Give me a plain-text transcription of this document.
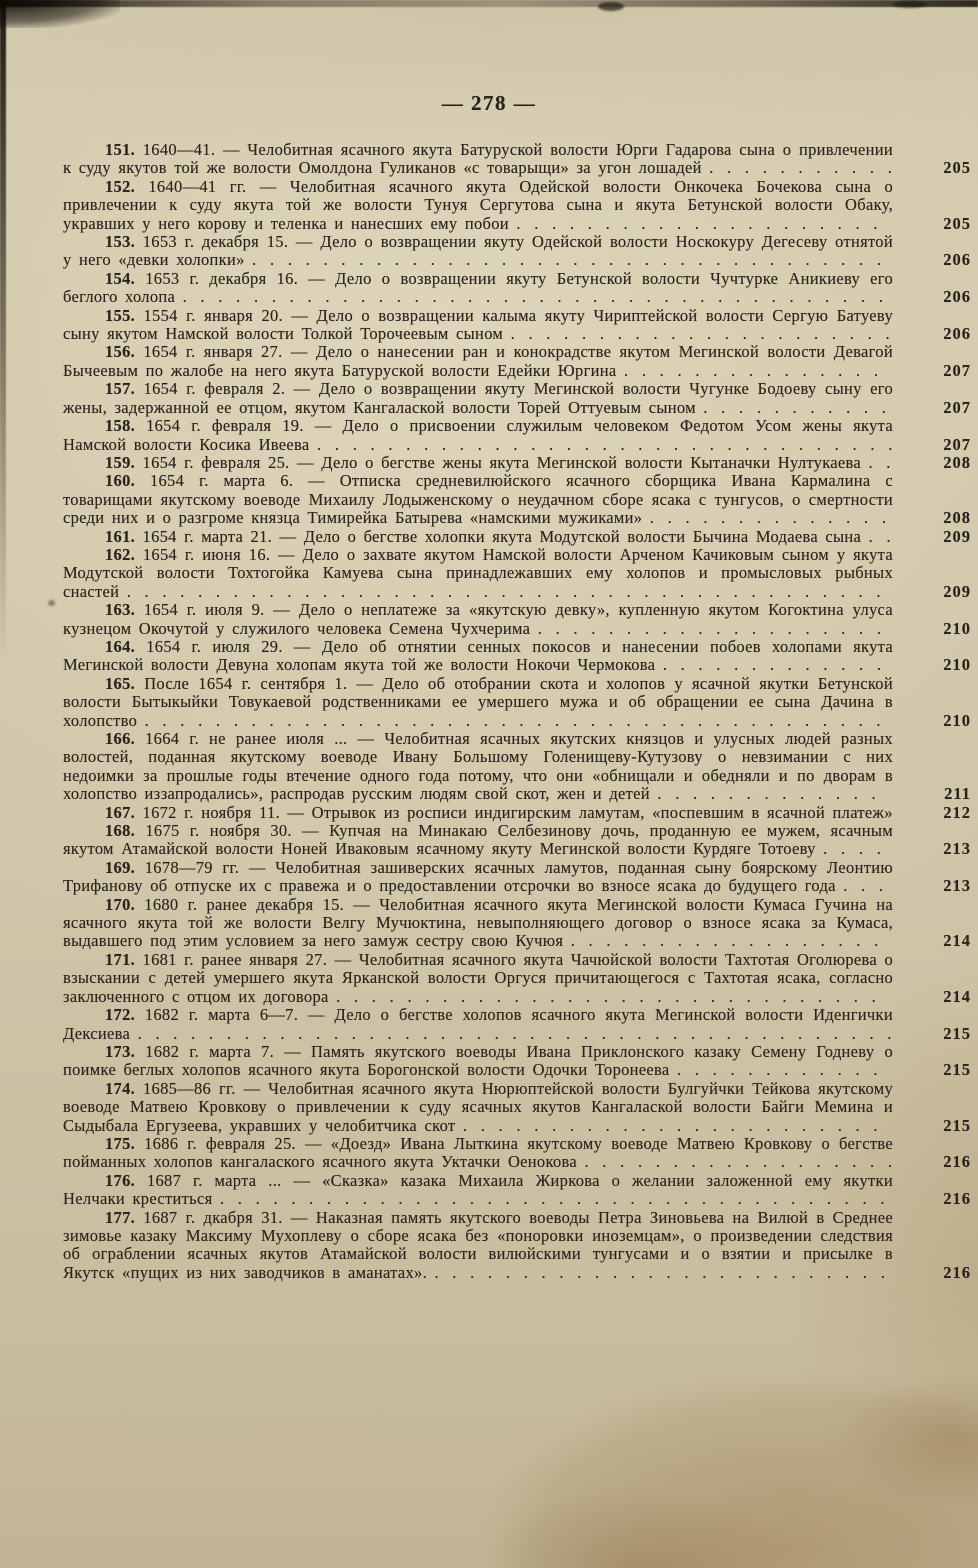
— 278 —

151. 1640—41. — Челобитная ясачного якута Батуруской волости Юрги Гадарова сына о привлечении к суду якутов той же волости Омолдона Гуликанов «с товарыщи» за угон лошадей . . . . . . . . . . .	205

152. 1640—41 гг. — Челобитная ясачного якута Одейской волости Онкочека Бочекова сына о привлечении к суду якута той же волости Тунуя Сергутова сына и якута Бетунской волости Обаку, укравших у него корову и теленка и нанесших ему побои . . . . . . . . . . . . . . . . . . . . .	205

153. 1653 г. декабря 15. — Дело о возвращении якуту Одейской волости Носкокуру Дегесеву отнятой у него «девки холопки» . . . . . . . . . . . . . . . . . . . . . . . . . . . . . . . . . . . .	206

154. 1653 г. декабря 16. — Дело о возвращении якуту Бетунской волости Чучтурке Аникиеву его беглого холопа . . . . . . . . . . . . . . . . . . . . . . . . . . . . . . . . . . . . . . . .	206

155. 1554 г. января 20. — Дело о возвращении калыма якуту Чириптейской волости Сергую Батуеву сыну якутом Намской волости Толкой Торочеевым сыном . . . . . . . . . . . . . . . . . . . . . .	206

156. 1654 г. января 27. — Дело о нанесении ран и конокрадстве якутом Мегинской волости Девагой Бычеевым по жалобе на него якута Батуруской волости Едейки Юргина . . . . . . . . . . . . . . .	207

157. 1654 г. февраля 2. — Дело о возвращении якуту Мегинской волости Чугунке Бодоеву сыну его жены, задержанной ее отцом, якутом Кангалаской волости Торей Оттуевым сыном . . . . . . . . . . .	207

158. 1654 г. февраля 19. — Дело о присвоении служилым человеком Федотом Усом жены якута Намской волости Косика Ивеева . . . . . . . . . . . . . . . . . . . . . . . . . . . . . . . . .	207

159. 1654 г. февраля 25. — Дело о бегстве жены якута Мегинской волости Кытаначки Нултукаева . .	208

160. 1654 г. марта 6. — Отписка средневилюйского ясачного сборщика Ивана Кармалина с товарищами якутскому воеводе Михаилу Лодыженскому о неудачном сборе ясака с тунгусов, о смертности среди них и о разгроме князца Тимирейка Батырева «намскими мужиками» . . . . . . . . . . . . . .	208

161. 1654 г. марта 21. — Дело о бегстве холопки якута Модутской волости Бычина Модаева сына . .	209

162. 1654 г. июня 16. — Дело о захвате якутом Намской волости Арченом Качиковым сыном у якута Модутской волости Тохтогойка Камуева сына принадлежавших ему холопов и промысловых рыбных снастей . . . . . . . . . . . . . . . . . . . . . . . . . . . . . . . . . . . . . . . . . . .	209

163. 1654 г. июля 9. — Дело о неплатеже за «якутскую девку», купленную якутом Когоктина улуса кузнецом Окочутой у служилого человека Семена Чухчерима . . . . . . . . . . . . . . . . . . . .	210

164. 1654 г. июля 29. — Дело об отнятии сенных покосов и нанесении побоев холопами якута Мегинской волости Девуна холопам якута той же волости Нокочи Чермокова . . . . . . . . . . . . .	210

165. После 1654 г. сентября 1. — Дело об отобрании скота и холопов у ясачной якутки Бетунской волости Бытыкыйки Товукаевой родственниками ее умершего мужа и об обращении ее сына Дачина в холопство . . . . . . . . . . . . . . . . . . . . . . . . . . . . . . . . . . . . . . . . . .	210

166. 1664 г. не ранее июля ... — Челобитная ясачных якутских князцов и улусных людей разных волостей, поданная якутскому воеводе Ивану Большому Голенищеву-Кутузову о невзимании с них недоимки за прошлые годы втечение одного года потому, что они «обнищали и обедняли и по дворам в холопство иззапродались», распродав русским людям свой скот, жен и детей . . . . . . . . . . . . .	211

167. 1672 г. ноября 11. — Отрывок из росписи индигирским ламутам, «поспевшим в ясачной платеж»	212

168. 1675 г. ноября 30. — Купчая на Минакаю Селбезинову дочь, проданную ее мужем, ясачным якутом Атамайской волости Ноней Иваковым ясачному якуту Мегинской волости Курдяге Тотоеву . . . .	213

169. 1678—79 гг. — Челобитная зашиверских ясачных ламутов, поданная сыну боярскому Леонтию Трифанову об отпуске их с правежа и о предоставлении отсрочки во взносе ясака до будущего года . . .	213

170. 1680 г. ранее декабря 15. — Челобитная ясачного якута Мегинской волости Кумаса Гучина на ясачного якута той же волости Велгу Мучюктина, невыполняющего договор о взносе ясака за Кумаса, выдавшего под этим условием за него замуж сестру свою Кучюя . . . . . . . . . . . . . . . . . .	214

171. 1681 г. ранее января 27. — Челобитная ясачного якута Чачюйской волости Тахтотая Оголюрева о взыскании с детей умершего якута Ярканской волости Оргуся причитающегося с Тахтотая ясака, согласно заключенного с отцом их договора . . . . . . . . . . . . . . . . . . . . . . . . . . . . . . .	214

172. 1682 г. марта 6—7. — Дело о бегстве холопов ясачного якута Мегинской волости Иденгички Дексиева . . . . . . . . . . . . . . . . . . . . . . . . . . . . . . . . . . . . . . . . . . .	215

173. 1682 г. марта 7. — Память якутского воеводы Ивана Приклонского казаку Семену Годневу о поимке беглых холопов ясачного якута Борогонской волости Одочки Торонеева . . . . . . . . . . . .	215

174. 1685—86 гг. — Челобитная ясачного якута Нюрюптейской волости Булгуйчки Тейкова якутскому воеводе Матвею Кровкову о привлечении к суду ясачных якутов Кангалаской волости Байги Мемина и Сыдыбала Ергузеева, укравших у челобитчика скот . . . . . . . . . . . . . . . . . . . . . . . .	215

175. 1686 г. февраля 25. — «Доезд» Ивана Лыткина якутскому воеводе Матвею Кровкову о бегстве пойманных холопов кангалаского ясачного якута Уктачки Оенокова . . . . . . . . . . . . . . . . . .	216

176. 1687 г. марта ... — «Сказка» казака Михаила Жиркова о желании заложенной ему якутки Нелчаки креститься . . . . . . . . . . . . . . . . . . . . . . . . . . . . . . . . . . . . . .	216

177. 1687 г. дкабря 31. — Наказная память якутского воеводы Петра Зиновьева на Вилюй в Среднее зимовье казаку Максиму Мухоплеву о сборе ясака без «поноровки иноземцам», о произведении следствия об ограблении ясачных якутов Атамайской волости вилюйскими тунгусами и о взятии и присылке в Якутск «пущих из них заводчиков в аманатах». . . . . . . . . . . . . . . . . . . . . . . . . . .	216
